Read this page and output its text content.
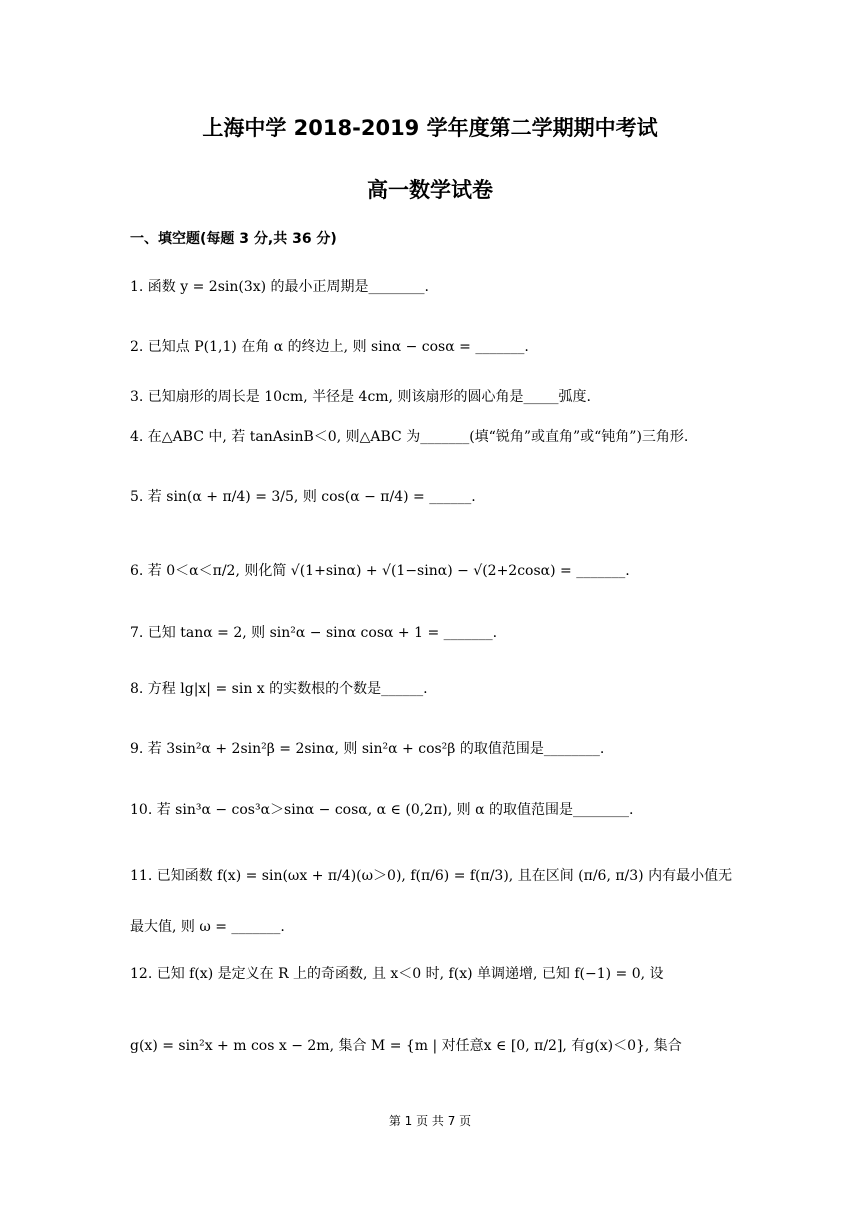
上海中学 2018-2019 学年度第二学期期中考试
高一数学试卷
一、填空题(每题 3 分,共 36 分)
1. 函数 y = 2sin(3x) 的最小正周期是________.
2. 已知点 P(1,1) 在角 α 的终边上, 则 sinα − cosα = _______.
3. 已知扇形的周长是 10cm, 半径是 4cm, 则该扇形的圆心角是_____弧度.
4. 在△ABC 中, 若 tanAsinB＜0, 则△ABC 为_______(填“锐角”或直角”或“钝角”)三角形.
5. 若 sin(α + π/4) = 3/5, 则 cos(α − π/4) = ______.
6. 若 0＜α＜π/2, 则化简 √(1+sinα) + √(1−sinα) − √(2+2cosα) = _______.
7. 已知 tanα = 2, 则 sin²α − sinα cosα + 1 = _______.
8. 方程 lg|x| = sin x 的实数根的个数是______.
9. 若 3sin²α + 2sin²β = 2sinα, 则 sin²α + cos²β 的取值范围是________.
10. 若 sin³α − cos³α＞sinα − cosα, α ∈ (0,2π), 则 α 的取值范围是________.
11. 已知函数 f(x) = sin(ωx + π/4)(ω＞0), f(π/6) = f(π/3), 且在区间 (π/6, π/3) 内有最小值无
最大值, 则 ω = _______.
12. 已知 f(x) 是定义在 R 上的奇函数, 且 x＜0 时, f(x) 单调递增, 已知 f(−1) = 0, 设
g(x) = sin²x + m cos x − 2m, 集合 M = {m | 对任意x ∈ [0, π/2], 有g(x)＜0}, 集合
第 1 页 共 7 页
